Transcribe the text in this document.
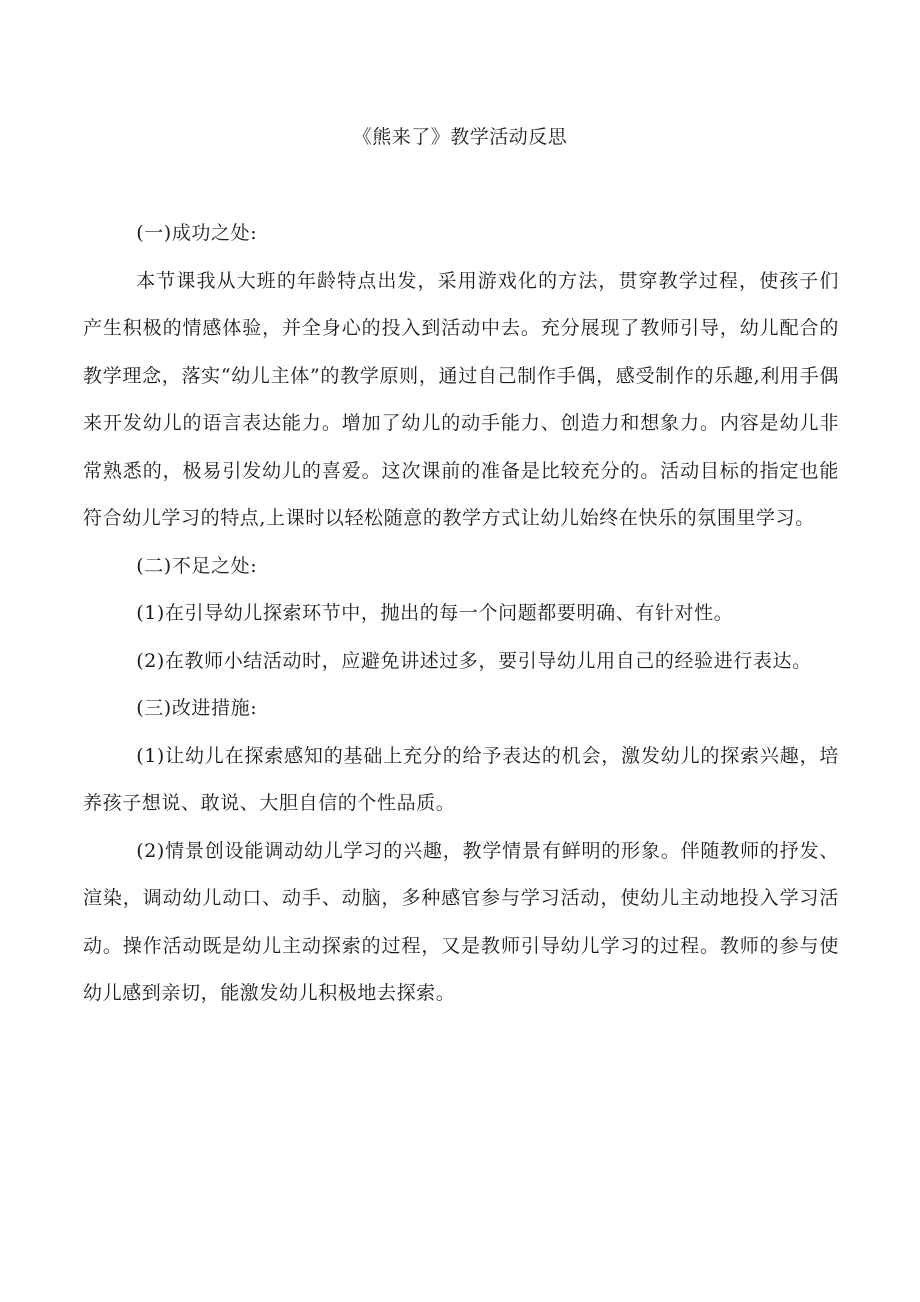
《熊来了》教学活动反思

(一)成功之处:

本节课我从大班的年龄特点出发，采用游戏化的方法，贯穿教学过程，使孩子们产生积极的情感体验，并全身心的投入到活动中去。充分展现了教师引导，幼儿配合的教学理念，落实“幼儿主体”的教学原则，通过自己制作手偶，感受制作的乐趣,利用手偶来开发幼儿的语言表达能力。增加了幼儿的动手能力、创造力和想象力。内容是幼儿非常熟悉的，极易引发幼儿的喜爱。这次课前的准备是比较充分的。活动目标的指定也能符合幼儿学习的特点,上课时以轻松随意的教学方式让幼儿始终在快乐的氛围里学习。

(二)不足之处:

(1)在引导幼儿探索环节中，抛出的每一个问题都要明确、有针对性。

(2)在教师小结活动时，应避免讲述过多，要引导幼儿用自己的经验进行表达。

(三)改进措施:

(1)让幼儿在探索感知的基础上充分的给予表达的机会，激发幼儿的探索兴趣，培养孩子想说、敢说、大胆自信的个性品质。

(2)情景创设能调动幼儿学习的兴趣，教学情景有鲜明的形象。伴随教师的抒发、渲染，调动幼儿动口、动手、动脑，多种感官参与学习活动，使幼儿主动地投入学习活动。操作活动既是幼儿主动探索的过程，又是教师引导幼儿学习的过程。教师的参与使幼儿感到亲切，能激发幼儿积极地去探索。
